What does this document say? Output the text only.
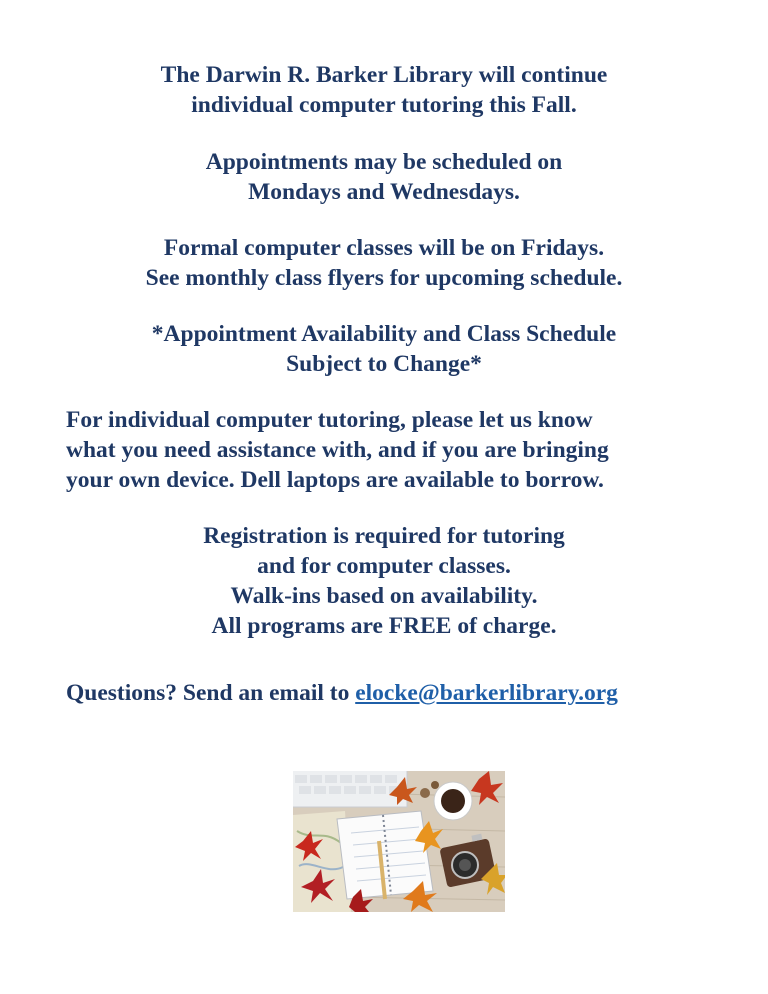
The Darwin R. Barker Library will continue
individual computer tutoring this Fall.
Appointments may be scheduled on
Mondays and Wednesdays.
Formal computer classes will be on Fridays.
See monthly class flyers for upcoming schedule.
*Appointment Availability and Class Schedule
Subject to Change*
For individual computer tutoring, please let us know
what you need assistance with, and if you are bringing
your own device. Dell laptops are available to borrow.
Registration is required for tutoring
and for computer classes.
Walk-ins based on availability.
All programs are FREE of charge.
Questions? Send an email to elocke@barkerlibrary.org
